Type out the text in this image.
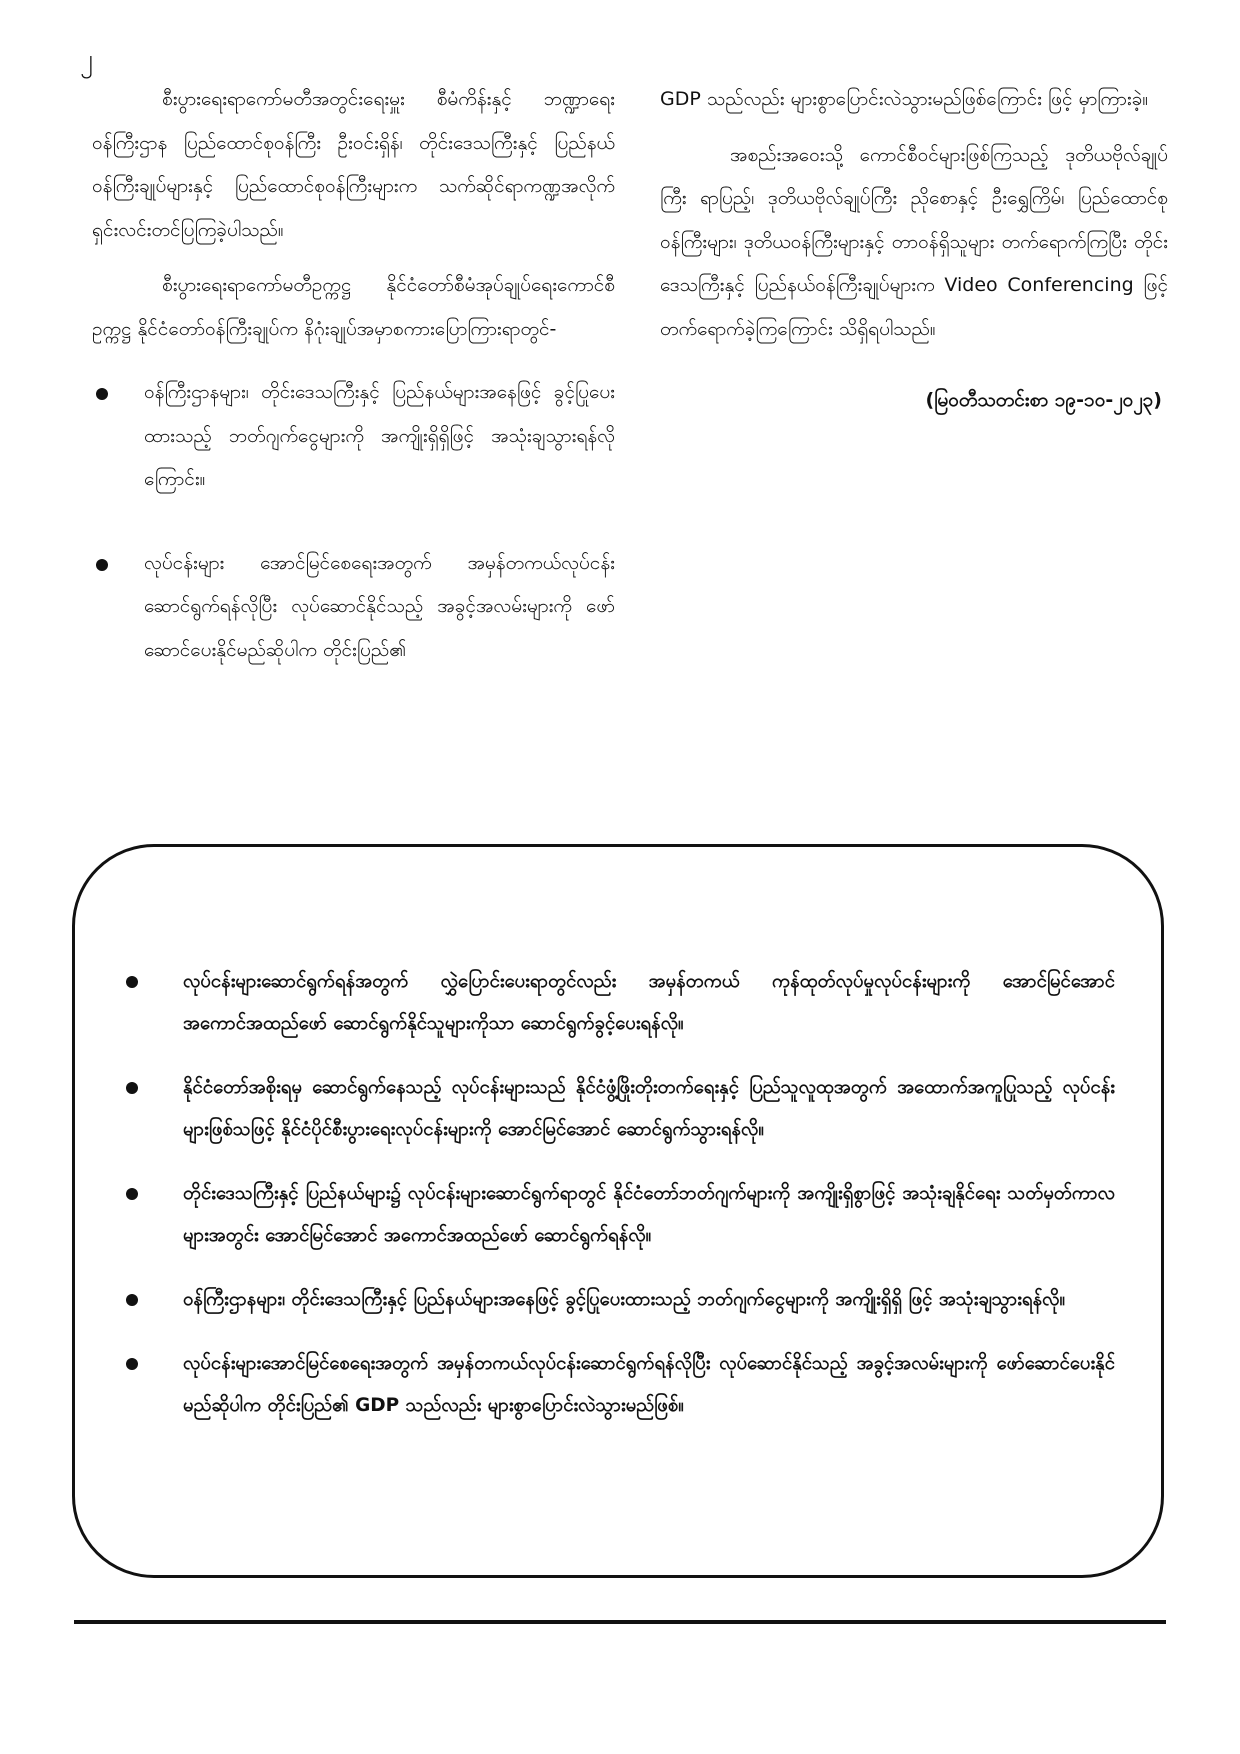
၂

စီးပွားရေးရာကော်မတီအတွင်းရေးမှူး စီမံကိန်းနှင့် ဘဏ္ဍာရေးဝန်ကြီးဌာန ပြည်ထောင်စုဝန်ကြီး ဦးဝင်းရှိန်၊ တိုင်းဒေသကြီးနှင့် ပြည်နယ်ဝန်ကြီးချုပ်များနှင့် ပြည်ထောင်စုဝန်ကြီးများက သက်ဆိုင်ရာကဏ္ဍအလိုက် ရှင်းလင်းတင်ပြကြခဲ့ပါသည်။

စီးပွားရေးရာကော်မတီဥက္ကဋ္ဌ နိုင်ငံတော်စီမံအုပ်ချုပ်ရေးကောင်စီဥက္ကဋ္ဌ နိုင်ငံတော်ဝန်ကြီးချုပ်က နိဂုံးချုပ်အမှာစကားပြောကြားရာတွင်-

ဝန်ကြီးဌာနများ၊ တိုင်းဒေသကြီးနှင့် ပြည်နယ်များအနေဖြင့် ခွင့်ပြုပေးထားသည့် ဘတ်ဂျက်ငွေများကို အကျိုးရှိရှိဖြင့် အသုံးချသွားရန်လိုကြောင်း။
လုပ်ငန်းများ အောင်မြင်စေရေးအတွက် အမှန်တကယ်လုပ်ငန်းဆောင်ရွက်ရန်လိုပြီး လုပ်ဆောင်နိုင်သည့် အခွင့်အလမ်းများကို ဖော်ဆောင်ပေးနိုင်မည်ဆိုပါက တိုင်းပြည်၏

GDP သည်လည်း များစွာပြောင်းလဲသွားမည်ဖြစ်ကြောင်း ဖြင့် မှာကြားခဲ့။

အစည်းအဝေးသို့ ကောင်စီဝင်များဖြစ်ကြသည့် ဒုတိယဗိုလ်ချုပ်ကြီး ရာပြည့်၊ ဒုတိယဗိုလ်ချုပ်ကြီး ညိုစောနှင့် ဦးရွှေကြိမ်၊ ပြည်ထောင်စုဝန်ကြီးများ၊ ဒုတိယဝန်ကြီးများနှင့် တာဝန်ရှိသူများ တက်ရောက်ကြပြီး တိုင်းဒေသကြီးနှင့် ပြည်နယ်ဝန်ကြီးချုပ်များက Video Conferencing ဖြင့် တက်ရောက်ခဲ့ကြကြောင်း သိရှိရပါသည်။

(မြဝတီသတင်းစာ ၁၉-၁၀-၂၀၂၃)
လုပ်ငန်းများဆောင်ရွက်ရန်အတွက် လွှဲပြောင်းပေးရာတွင်လည်း အမှန်တကယ် ကုန်ထုတ်လုပ်မှုလုပ်ငန်းများကို အောင်မြင်အောင် အကောင်အထည်ဖော် ဆောင်ရွက်နိုင်သူများကိုသာ ဆောင်ရွက်ခွင့်ပေးရန်လို။
နိုင်ငံတော်အစိုးရမှ ဆောင်ရွက်နေသည့် လုပ်ငန်းများသည် နိုင်ငံဖွံ့ဖြိုးတိုးတက်ရေးနှင့် ပြည်သူလူထုအတွက် အထောက်အကူပြုသည့် လုပ်ငန်းများဖြစ်သဖြင့် နိုင်ငံပိုင်စီးပွားရေးလုပ်ငန်းများကို အောင်မြင်အောင် ဆောင်ရွက်သွားရန်လို။
တိုင်းဒေသကြီးနှင့် ပြည်နယ်များ၌ လုပ်ငန်းများဆောင်ရွက်ရာတွင် နိုင်ငံတော်ဘတ်ဂျက်များကို အကျိုးရှိစွာဖြင့် အသုံးချနိုင်ရေး သတ်မှတ်ကာလများအတွင်း အောင်မြင်အောင် အကောင်အထည်ဖော် ဆောင်ရွက်ရန်လို။
ဝန်ကြီးဌာနများ၊ တိုင်းဒေသကြီးနှင့် ပြည်နယ်များအနေဖြင့် ခွင့်ပြုပေးထားသည့် ဘတ်ဂျက်ငွေများကို အကျိုးရှိရှိ ဖြင့် အသုံးချသွားရန်လို။
လုပ်ငန်းများအောင်မြင်စေရေးအတွက် အမှန်တကယ်လုပ်ငန်းဆောင်ရွက်ရန်လိုပြီး လုပ်ဆောင်နိုင်သည့် အခွင့်အလမ်းများကို ဖော်ဆောင်ပေးနိုင်မည်ဆိုပါက တိုင်းပြည်၏ GDP သည်လည်း များစွာပြောင်းလဲသွားမည်ဖြစ်။
